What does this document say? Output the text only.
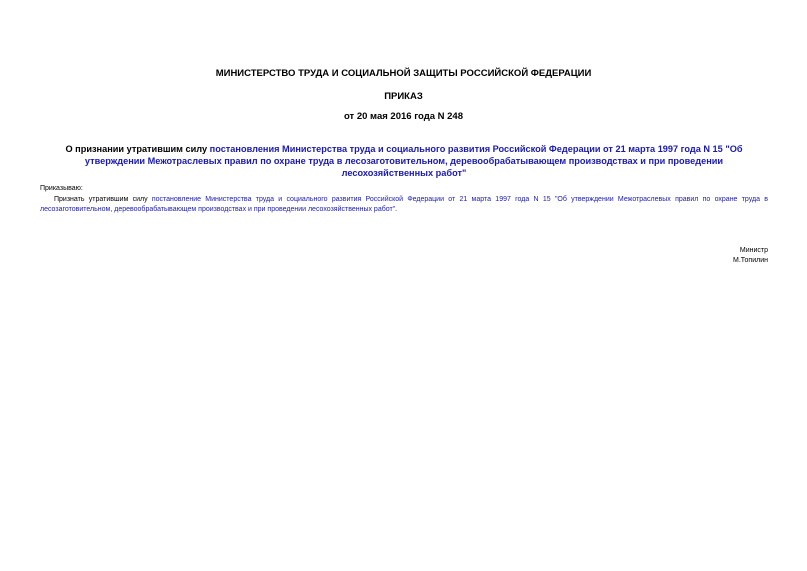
МИНИСТЕРСТВО ТРУДА И СОЦИАЛЬНОЙ ЗАЩИТЫ РОССИЙСКОЙ ФЕДЕРАЦИИ
ПРИКАЗ
от 20 мая 2016 года N 248
О признании утратившим силу постановления Министерства труда и социального развития Российской Федерации от 21 марта 1997 года N 15 "Об утверждении Межотраслевых правил по охране труда в лесозаготовительном, деревообрабатывающем производствах и при проведении лесохозяйственных работ"
Приказываю:
Признать утратившим силу постановление Министерства труда и социального развития Российской Федерации от 21 марта 1997 года N 15 "Об утверждении Межотраслевых правил по охране труда в лесозаготовительном, деревообрабатывающем производствах и при проведении лесохозяйственных работ".
Министр
М.Топилин
